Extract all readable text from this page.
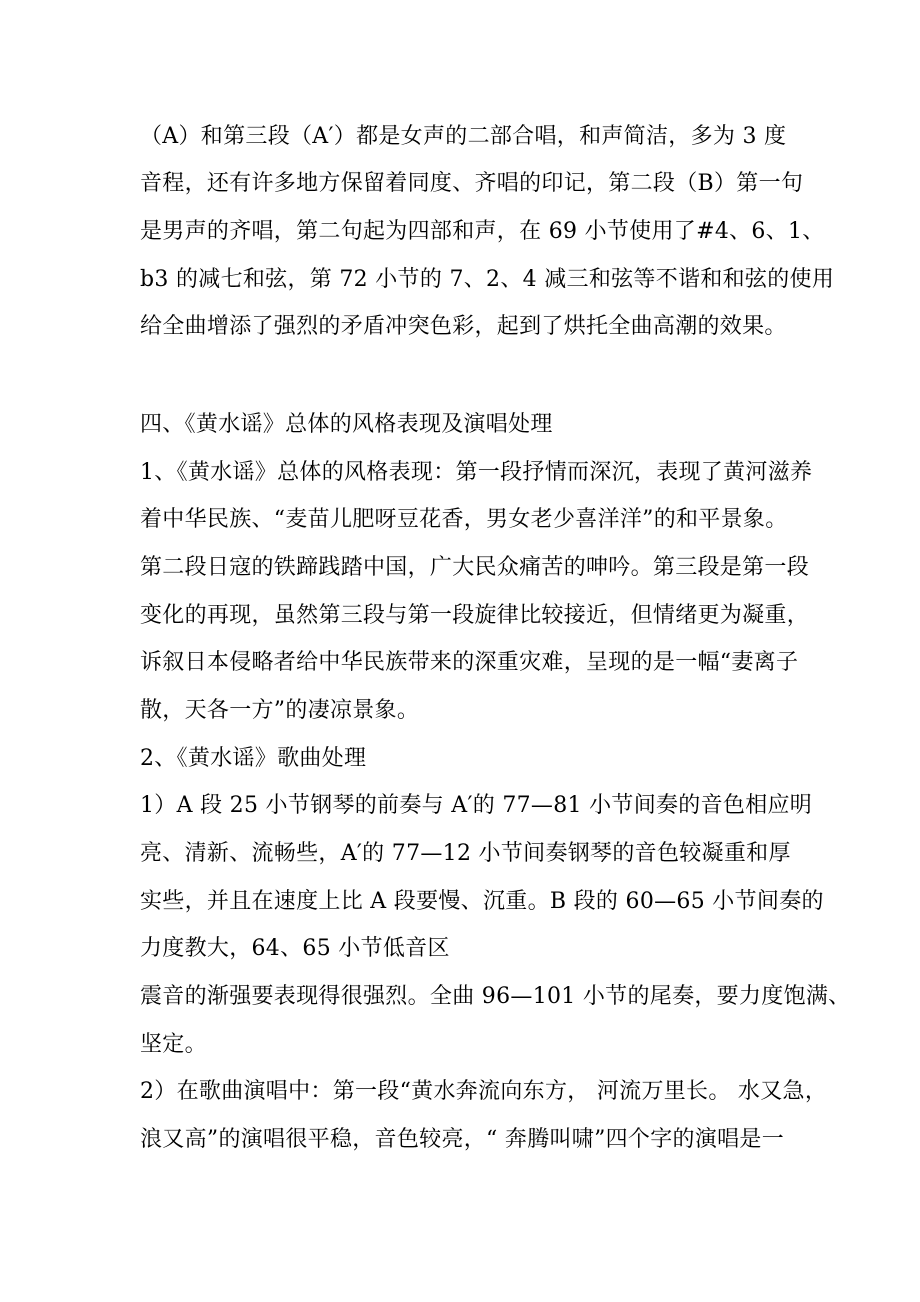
（A）和第三段（A′）都是女声的二部合唱，和声简洁，多为 3 度
音程，还有许多地方保留着同度、齐唱的印记，第二段（B）第一句
是男声的齐唱，第二句起为四部和声，在 69 小节使用了#4、6、1、
b3 的减七和弦，第 72 小节的 7、2、4 减三和弦等不谐和和弦的使用
给全曲增添了强烈的矛盾冲突色彩，起到了烘托全曲高潮的效果。
四、《黄水谣》总体的风格表现及演唱处理
1、《黄水谣》总体的风格表现：第一段抒情而深沉，表现了黄河滋养
着中华民族、“麦苗儿肥呀豆花香，男女老少喜洋洋”的和平景象。
第二段日寇的铁蹄践踏中国，广大民众痛苦的呻吟。第三段是第一段
变化的再现，虽然第三段与第一段旋律比较接近，但情绪更为凝重，
诉叙日本侵略者给中华民族带来的深重灾难，呈现的是一幅“妻离子
散，天各一方”的凄凉景象。
2、《黄水谣》歌曲处理
1）A 段 25 小节钢琴的前奏与 A′的 77—81 小节间奏的音色相应明
亮、清新、流畅些，A′的 77—12 小节间奏钢琴的音色较凝重和厚
实些，并且在速度上比 A 段要慢、沉重。B 段的 60—65 小节间奏的
力度教大，64、65 小节低音区
震音的渐强要表现得很强烈。全曲 96—101 小节的尾奏，要力度饱满、
坚定。
2）在歌曲演唱中：第一段“黄水奔流向东方， 河流万里长。 水又急，
浪又高”的演唱很平稳，音色较亮，“ 奔腾叫啸”四个字的演唱是一
